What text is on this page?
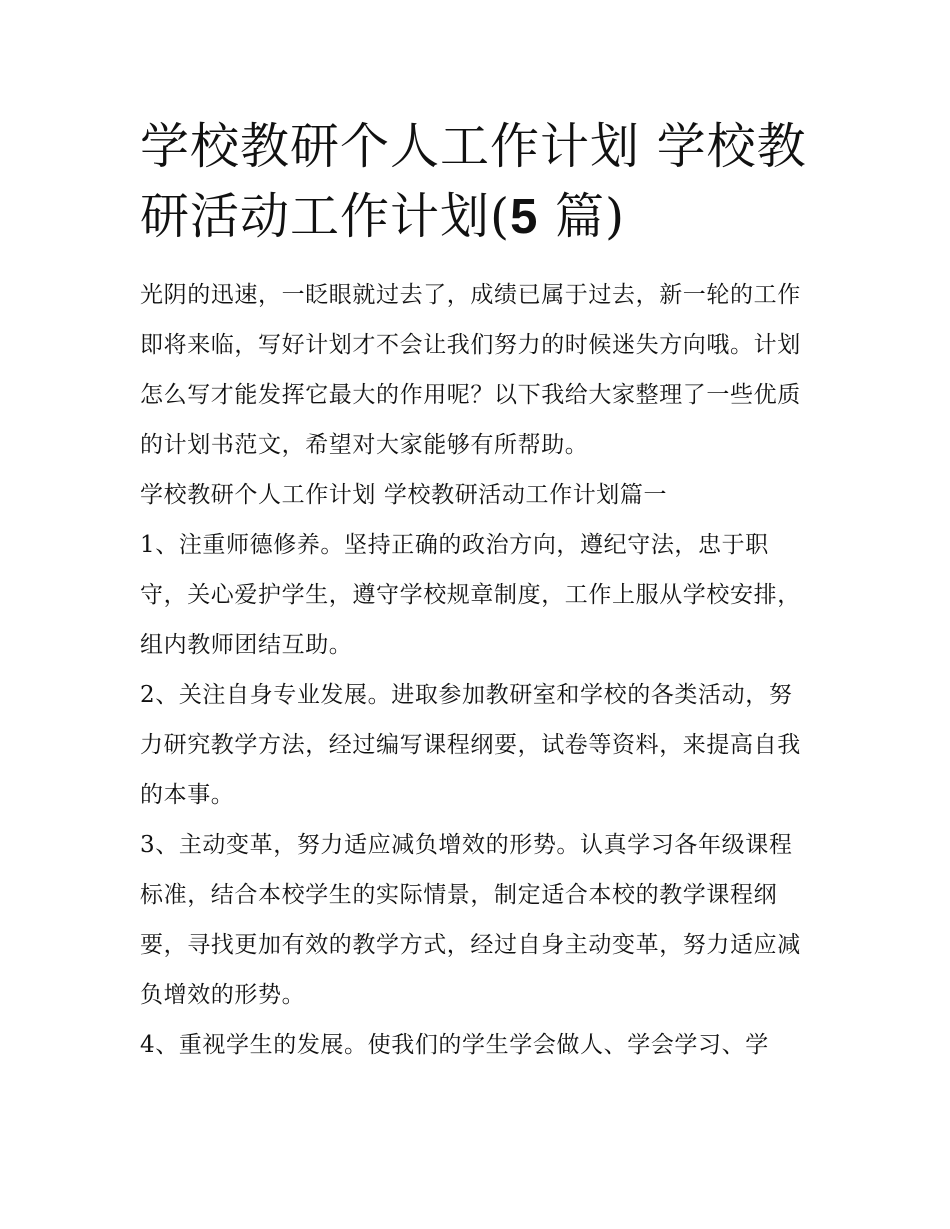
学校教研个人工作计划 学校教研活动工作计划(5 篇)

光阴的迅速，一眨眼就过去了，成绩已属于过去，新一轮的工作即将来临，写好计划才不会让我们努力的时候迷失方向哦。计划怎么写才能发挥它最大的作用呢？以下我给大家整理了一些优质的计划书范文，希望对大家能够有所帮助。

学校教研个人工作计划 学校教研活动工作计划篇一

1、注重师德修养。坚持正确的政治方向，遵纪守法，忠于职守，关心爱护学生，遵守学校规章制度，工作上服从学校安排，组内教师团结互助。

2、关注自身专业发展。进取参加教研室和学校的各类活动，努力研究教学方法，经过编写课程纲要，试卷等资料，来提高自我的本事。

3、主动变革，努力适应减负增效的形势。认真学习各年级课程标准，结合本校学生的实际情景，制定适合本校的教学课程纲要，寻找更加有效的教学方式，经过自身主动变革，努力适应减负增效的形势。

4、重视学生的发展。使我们的学生学会做人、学会学习、学
